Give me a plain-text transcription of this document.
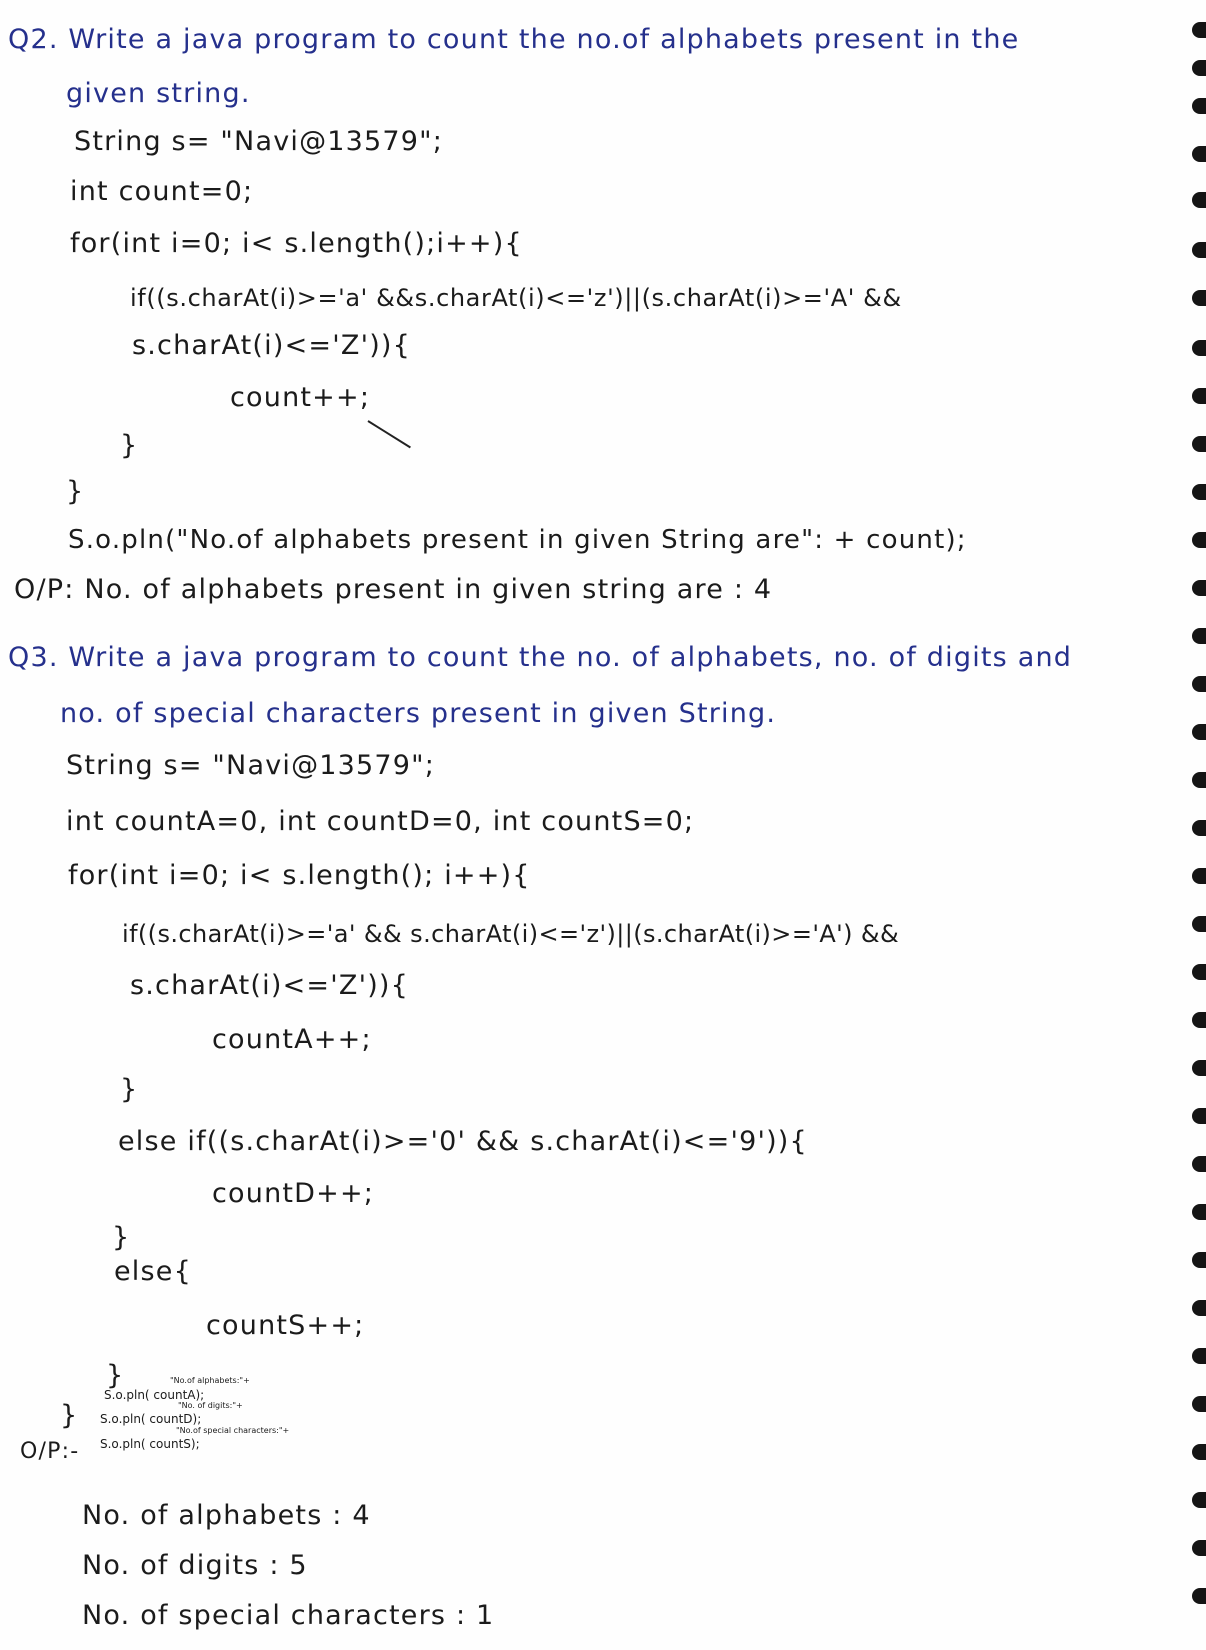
Q2. Write a java program to count the no.of alphabets present in the
given string.
String s= "Navi@13579";
int count=0;
for(int i=0; i< s.length();i++){
if((s.charAt(i)>='a' &&s.charAt(i)<='z')||(s.charAt(i)>='A' &&
s.charAt(i)<='Z')){
count++;
}
}
S.o.pln("No.of alphabets present in given String are": + count);
O/P: No. of alphabets present in given string are : 4
Q3. Write a java program to count the no. of alphabets, no. of digits and
no. of special characters present in given String.
String s= "Navi@13579";
int countA=0, int countD=0, int countS=0;
for(int i=0; i< s.length(); i++){
if((s.charAt(i)>='a' && s.charAt(i)<='z')||(s.charAt(i)>='A') &&
s.charAt(i)<='Z')){
countA++;
}
else if((s.charAt(i)>='0' && s.charAt(i)<='9')){
countD++;
}
else{
countS++;
}
}
"No.of alphabets:"+
S.o.pln( countA);
"No. of digits:"+
S.o.pln( countD);
"No.of special characters:"+
S.o.pln( countS);
O/P:-
No. of alphabets : 4
No. of digits : 5
No. of special characters : 1
